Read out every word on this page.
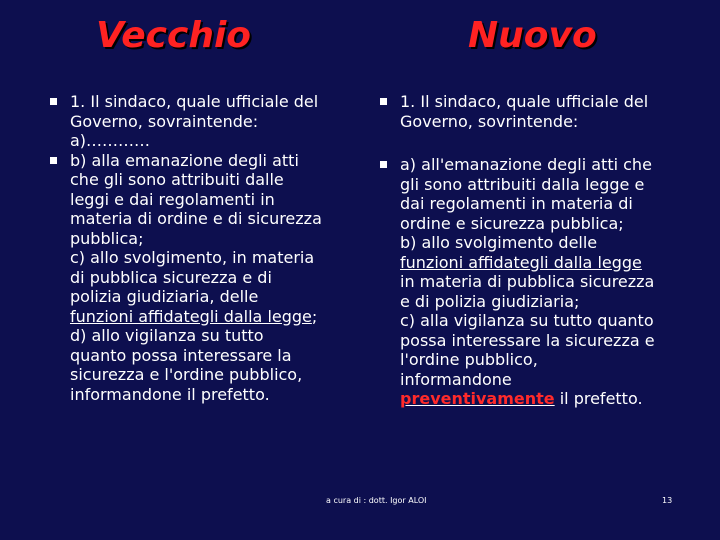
Vecchio	Nuovo
1. Il sindaco, quale ufficiale del
Governo, sovraintende:
a)…………
b) alla emanazione degli atti
che gli sono attribuiti dalle
leggi e dai regolamenti in
materia di ordine e di sicurezza
pubblica;
c) allo svolgimento, in materia
di pubblica sicurezza e di
polizia giudiziaria, delle
funzioni affidategli dalla legge;
d) allo vigilanza su tutto
quanto possa interessare la
sicurezza e l'ordine pubblico,
informandone il prefetto.
1. Il sindaco, quale ufficiale del
Governo, sovrintende:
a) all'emanazione degli atti che
gli sono attribuiti dalla legge e
dai regolamenti in materia di
ordine e sicurezza pubblica;
b) allo svolgimento delle
funzioni affidategli dalla legge
in materia di pubblica sicurezza
e di polizia giudiziaria;
c) alla vigilanza su tutto quanto
possa interessare la sicurezza e
l'ordine pubblico,
informandone
preventivamente il prefetto.
a cura di : dott. Igor ALOI	13
